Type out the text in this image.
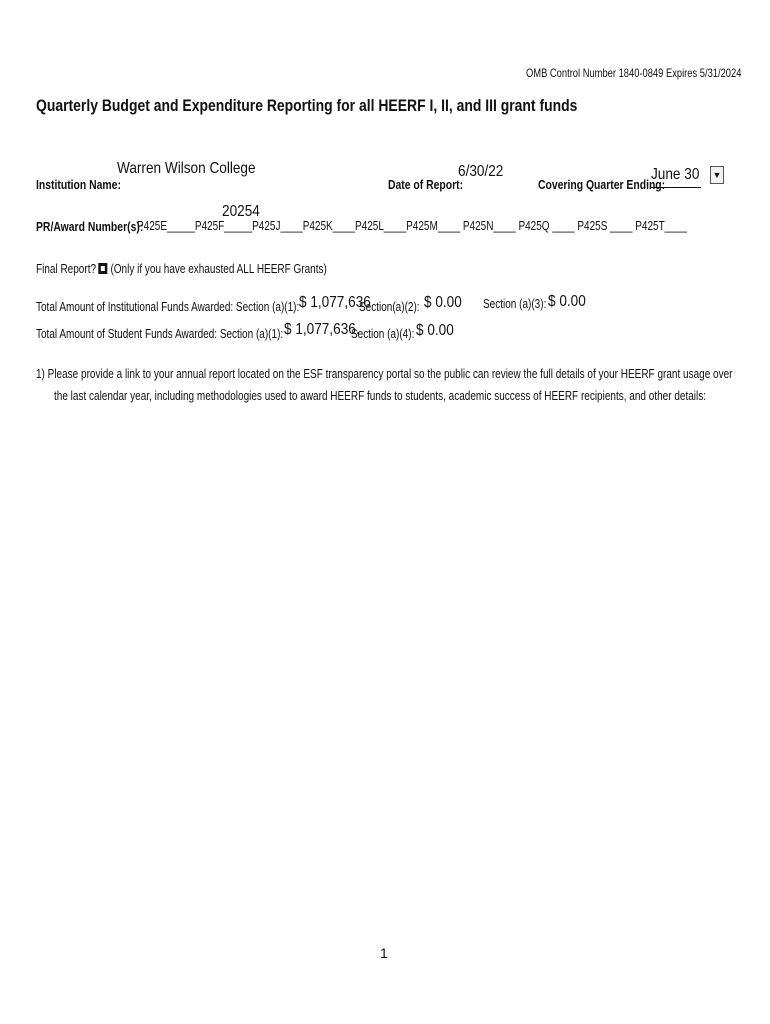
OMB Control Number 1840-0849 Expires 5/31/2024
Quarterly Budget and Expenditure Reporting for all HEERF I, II, and III grant funds
Institution Name:
Warren Wilson College
Date of Report:
6/30/22
Covering Quarter Ending:
June 30 ▼
PR/Award Number(s):
P425E_____P425F_____P425J____P425K____P425L____P425M____ P425N____ P425Q ____ P425S ____ P425T____
20254
Final Report? (Only if you have exhausted ALL HEERF Grants)
Total Amount of Institutional Funds Awarded: Section (a)(1): $ 1,077,636
Section(a)(2): $ 0.00 Section (a)(3): $ 0.00
Total Amount of Student Funds Awarded: Section (a)(1): $ 1,077,636.
Section (a)(4): $ 0.00
1) Please provide a link to your annual report located on the ESF transparency portal so the public can review the full details of your HEERF grant usage over
the last calendar year, including methodologies used to award HEERF funds to students, academic success of HEERF recipients, and other details:
1
